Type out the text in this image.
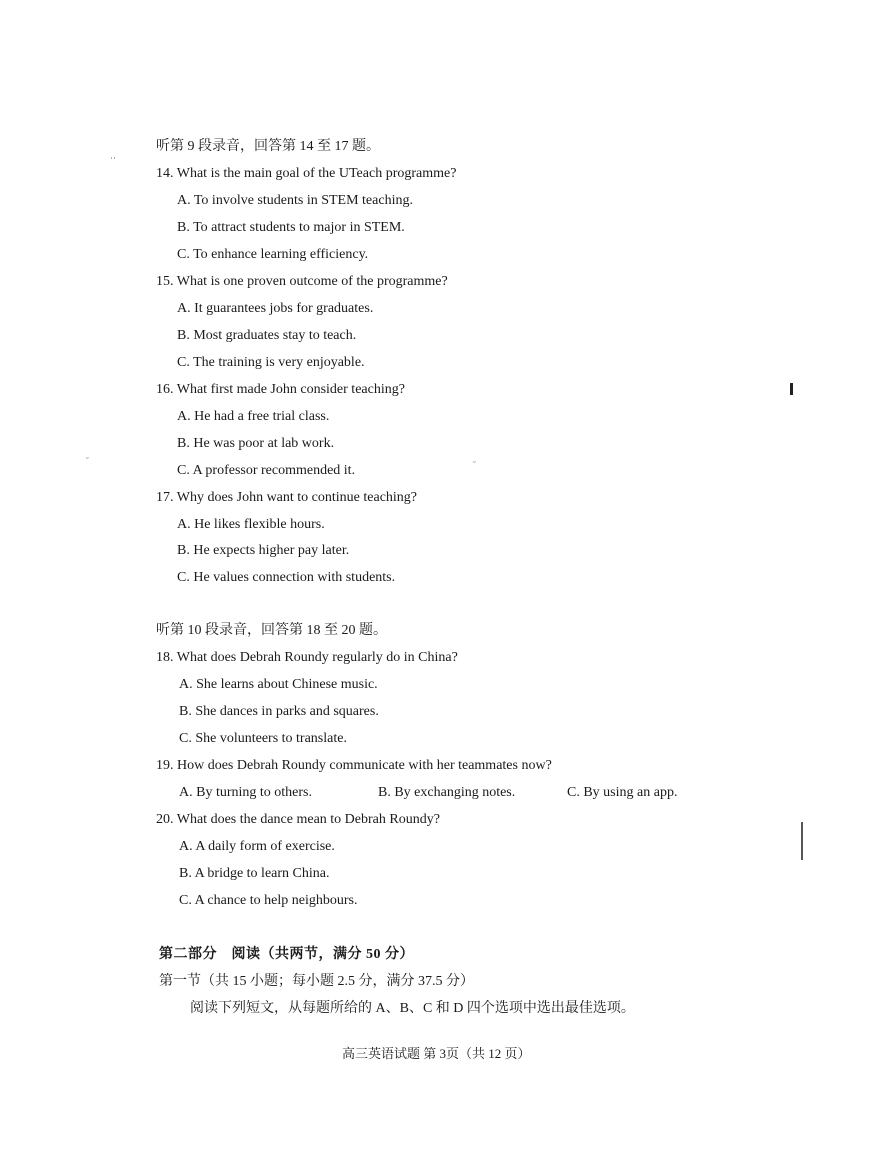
听第 9 段录音，回答第 14 至 17 题。
14. What is the main goal of the UTeach programme?
A. To involve students in STEM teaching.
B. To attract students to major in STEM.
C. To enhance learning efficiency.
15. What is one proven outcome of the programme?
A. It guarantees jobs for graduates.
B. Most graduates stay to teach.
C. The training is very enjoyable.
16. What first made John consider teaching?
A. He had a free trial class.
B. He was poor at lab work.
C. A professor recommended it.
17. Why does John want to continue teaching?
A. He likes flexible hours.
B. He expects higher pay later.
C. He values connection with students.
听第 10 段录音，回答第 18 至 20 题。
18. What does Debrah Roundy regularly do in China?
A. She learns about Chinese music.
B. She dances in parks and squares.
C. She volunteers to translate.
19. How does Debrah Roundy communicate with her teammates now?
A. By turning to others.	B. By exchanging notes.	C. By using an app.
20. What does the dance mean to Debrah Roundy?
A. A daily form of exercise.
B. A bridge to learn China.
C. A chance to help neighbours.
第二部分　阅读（共两节，满分 50 分）
第一节（共 15 小题；每小题 2.5 分，满分 37.5 分）
阅读下列短文，从每题所给的 A、B、C 和 D 四个选项中选出最佳选项。
高三英语试题 第 3页（共 12 页）
˙˙
ᵕ	ᵕ
